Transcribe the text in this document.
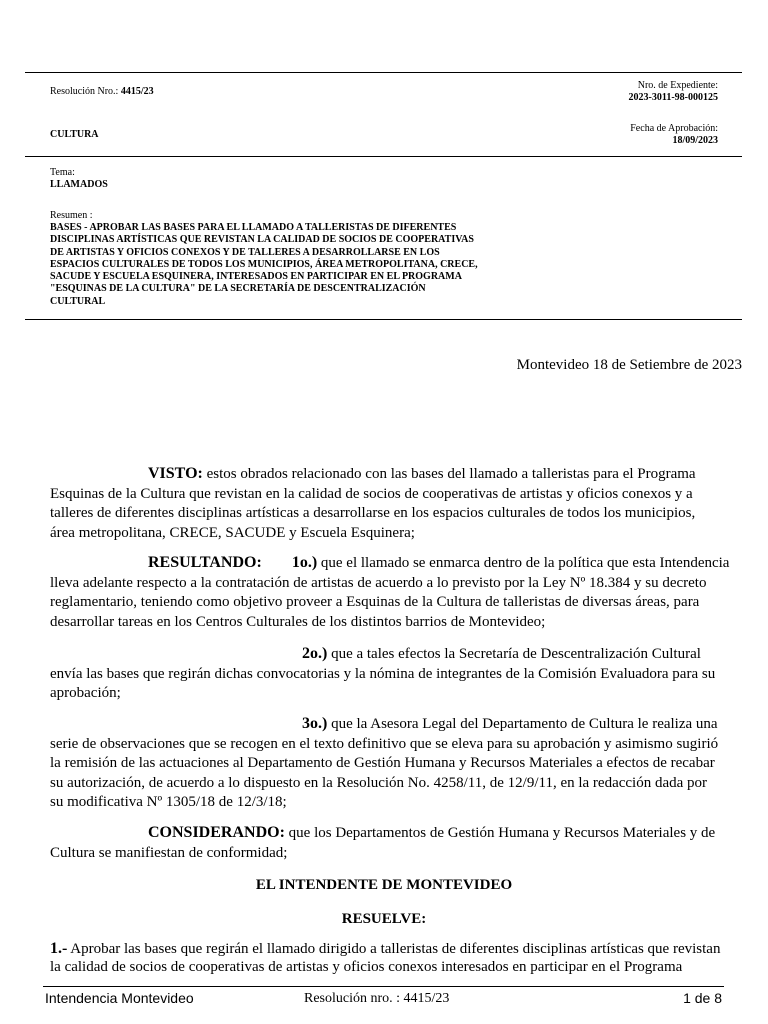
Resolución Nro.: 4415/23
Nro. de Expediente:
2023-3011-98-000125
CULTURA
Fecha de Aprobación:
18/09/2023
Tema:
LLAMADOS
Resumen :
BASES - APROBAR LAS BASES PARA EL LLAMADO A TALLERISTAS DE DIFERENTES
DISCIPLINAS ARTÍSTICAS QUE REVISTAN LA CALIDAD DE SOCIOS DE COOPERATIVAS
DE ARTISTAS Y OFICIOS CONEXOS Y DE TALLERES A DESARROLLARSE EN LOS
ESPACIOS CULTURALES DE TODOS LOS MUNICIPIOS, ÁREA METROPOLITANA, CRECE,
SACUDE Y ESCUELA ESQUINERA, INTERESADOS EN PARTICIPAR EN EL PROGRAMA
"ESQUINAS DE LA CULTURA" DE LA SECRETARÍA DE DESCENTRALIZACIÓN
CULTURAL
Montevideo 18 de Setiembre de 2023
VISTO: estos obrados relacionado con las bases del llamado a talleristas para el Programa
Esquinas de la Cultura que revistan en la calidad de socios de cooperativas de artistas y oficios conexos y a
talleres de diferentes disciplinas artísticas a desarrollarse en los espacios culturales de todos los municipios,
área metropolitana, CRECE, SACUDE y Escuela Esquinera;
RESULTANDO: 1o.) que el llamado se enmarca dentro de la política que esta Intendencia
lleva adelante respecto a la contratación de artistas de acuerdo a lo previsto por la Ley Nº 18.384 y su decreto
reglamentario, teniendo como objetivo proveer a Esquinas de la Cultura de talleristas de diversas áreas, para
desarrollar tareas en los Centros Culturales de los distintos barrios de Montevideo;
2o.) que a tales efectos la Secretaría de Descentralización Cultural
envía las bases que regirán dichas convocatorias y la nómina de integrantes de la Comisión Evaluadora para su
aprobación;
3o.) que la Asesora Legal del Departamento de Cultura le realiza una
serie de observaciones que se recogen en el texto definitivo que se eleva para su aprobación y asimismo sugirió
la remisión de las actuaciones al Departamento de Gestión Humana y Recursos Materiales a efectos de recabar
su autorización, de acuerdo a lo dispuesto en la Resolución No. 4258/11, de 12/9/11, en la redacción dada por
su modificativa Nº 1305/18 de 12/3/18;
CONSIDERANDO: que los Departamentos de Gestión Humana y Recursos Materiales y de
Cultura se manifiestan de conformidad;
EL INTENDENTE DE MONTEVIDEO
RESUELVE:
1.- Aprobar las bases que regirán el llamado dirigido a talleristas de diferentes disciplinas artísticas que revistan
la calidad de socios de cooperativas de artistas y oficios conexos interesados en participar en el Programa
Intendencia Montevideo	Resolución nro. : 4415/23	1 de 8
